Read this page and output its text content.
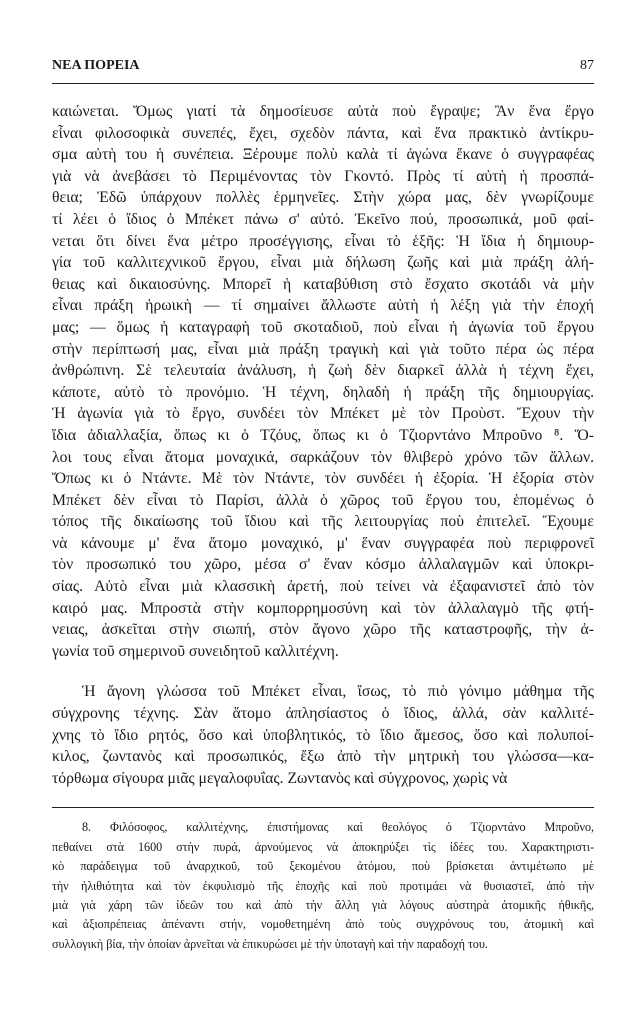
ΝΕΑ ΠΟΡΕΙΑ	87
καιώνεται. Ὅμως γιατί τὰ δημοσίευσε αὐτὰ ποὺ ἔγραψε; Ἂν ἕνα ἔργο
εἶναι φιλοσοφικὰ συνεπές, ἔχει, σχεδὸν πάντα, καὶ ἕνα πρακτικὸ ἀντίκρυ-
σμα αὐτὴ του ἡ συνέπεια. Ξέρουμε πολὺ καλὰ τί ἀγώνα ἔκανε ὁ συγγραφέας
γιὰ νὰ ἀνεβάσει τὸ Περιμένοντας τὸν Γκοντό. Πρὸς τί αὐτὴ ἡ προσπά-
θεια; Ἐδῶ ὑπάρχουν πολλὲς ἑρμηνεῖες. Στὴν χώρα μας, δὲν γνωρίζουμε
τί λέει ὁ ἴδιος ὁ Μπέκετ πάνω σ' αὐτό. Ἐκεῖνο πού, προσωπικά, μοῦ φαί-
νεται ὅτι δίνει ἕνα μέτρο προσέγγισης, εἶναι τὸ ἑξῆς: Ἡ ἴδια ἡ δημιουρ-
γία τοῦ καλλιτεχνικοῦ ἔργου, εἶναι μιὰ δήλωση ζωῆς καὶ μιὰ πράξη ἀλή-
θειας καὶ δικαιοσύνης. Μπορεῖ ἡ καταβύθιση στὸ ἔσχατο σκοτάδι νὰ μὴν
εἶναι πράξη ἡρωικὴ — τί σημαίνει ἄλλωστε αὐτὴ ἡ λέξη γιὰ τὴν ἐποχή
μας; — ὅμως ἡ καταγραφὴ τοῦ σκοταδιοῦ, ποὺ εἶναι ἡ ἀγωνία τοῦ ἔργου
στὴν περίπτωσή μας, εἶναι μιὰ πράξη τραγικὴ καὶ γιὰ τοῦτο πέρα ὡς πέρα
ἀνθρώπινη. Σὲ τελευταία ἀνάλυση, ἡ ζωὴ δὲν διαρκεῖ ἀλλὰ ἡ τέχνη ἔχει,
κάποτε, αὐτὸ τὸ προνόμιο. Ἡ τέχνη, δηλαδὴ ἡ πράξη τῆς δημιουργίας.
Ἡ ἀγωνία γιὰ τὸ ἔργο, συνδέει τὸν Μπέκετ μὲ τὸν Προὺστ. Ἔχουν τὴν
ἴδια ἀδιαλλαξία, ὅπως κι ὁ Τζόυς, ὅπως κι ὁ Τζιορντάνο Μπροῦνο ⁸. Ὅ-
λοι τους εἶναι ἄτομα μοναχικά, σαρκάζουν τὸν θλιβερὸ χρόνο τῶν ἄλλων.
Ὅπως κι ὁ Ντάντε. Μὲ τὸν Ντάντε, τὸν συνδέει ἡ ἐξορία. Ἡ ἐξορία στὸν
Μπέκετ δὲν εἶναι τὸ Παρίσι, ἀλλὰ ὁ χῶρος τοῦ ἔργου του, ἑπομένως ὁ
τόπος τῆς δικαίωσης τοῦ ἴδιου καὶ τῆς λειτουργίας ποὺ ἐπιτελεῖ. Ἔχουμε
νὰ κάνουμε μ' ἕνα ἄτομο μοναχικό, μ' ἕναν συγγραφέα ποὺ περιφρονεῖ
τὸν προσωπικό του χῶρο, μέσα σ' ἕναν κόσμο ἀλλαλαγμῶν καὶ ὑποκρι-
σίας. Αὐτὸ εἶναι μιὰ κλασσικὴ ἀρετή, ποὺ τείνει νὰ ἐξαφανιστεῖ ἀπὸ τὸν
καιρό μας. Μπροστὰ στὴν κομπορρημοσύνη καὶ τὸν ἀλλαλαγμὸ τῆς φτή-
νειας, ἀσκεῖται στὴν σιωπή, στὸν ἄγονο χῶρο τῆς καταστροφῆς, τὴν ἀ-
γωνία τοῦ σημερινοῦ συνειδητοῦ καλλιτέχνη.
Ἡ ἄγονη γλώσσα τοῦ Μπέκετ εἶναι, ἴσως, τὸ πιὸ γόνιμο μάθημα τῆς
σύγχρονης τέχνης. Σὰν ἄτομο ἀπλησίαστος ὁ ἴδιος, ἀλλά, σὰν καλλιτέ-
χνης τὸ ἴδιο ρητός, ὅσο καὶ ὑποβλητικός, τὸ ἴδιο ἄμεσος, ὅσο καὶ πολυποί-
κιλος, ζωντανὸς καὶ προσωπικός, ἔξω ἀπὸ τὴν μητρικὴ του γλώσσα—κα-
τόρθωμα σίγουρα μιᾶς μεγαλοφυΐας. Ζωντανὸς καὶ σύγχρονος, χωρὶς νὰ
8. Φιλόσοφος, καλλιτέχνης, ἐπιστήμονας καὶ θεολόγος ὁ Τζιορντάνο Μπροῦνο,
πεθαίνει στὰ 1600 στὴν πυρά, ἀρνούμενος νὰ ἀποκηρύξει τὶς ἰδέες του. Χαρακτηριστι-
κὸ παράδειγμα τοῦ ἀναρχικοῦ, τοῦ ξεκομένου ἀτόμου, ποὺ βρίσκεται ἀντιμέτωπο μὲ
τὴν ἠλιθιότητα καὶ τὸν ἐκφυλισμὸ τῆς ἐποχῆς καὶ ποὺ προτιμάει νὰ θυσιαστεῖ, ἀπὸ τὴν
μιὰ γιὰ χάρη τῶν ἰδεῶν του καὶ ἀπὸ τὴν ἄλλη γιὰ λόγους αὐστηρὰ ἀτομικῆς ἠθικῆς,
καὶ ἀξιοπρέπειας ἀπέναντι στήν, νομοθετημένη ἀπὸ τοὺς συγχρόνους του, ἀτομικὴ καὶ
συλλογικὴ βία, τὴν ὁποίαν ἀρνεῖται νὰ ἐπικυρώσει μὲ τὴν ὑποταγὴ καὶ τὴν παραδοχή του.
